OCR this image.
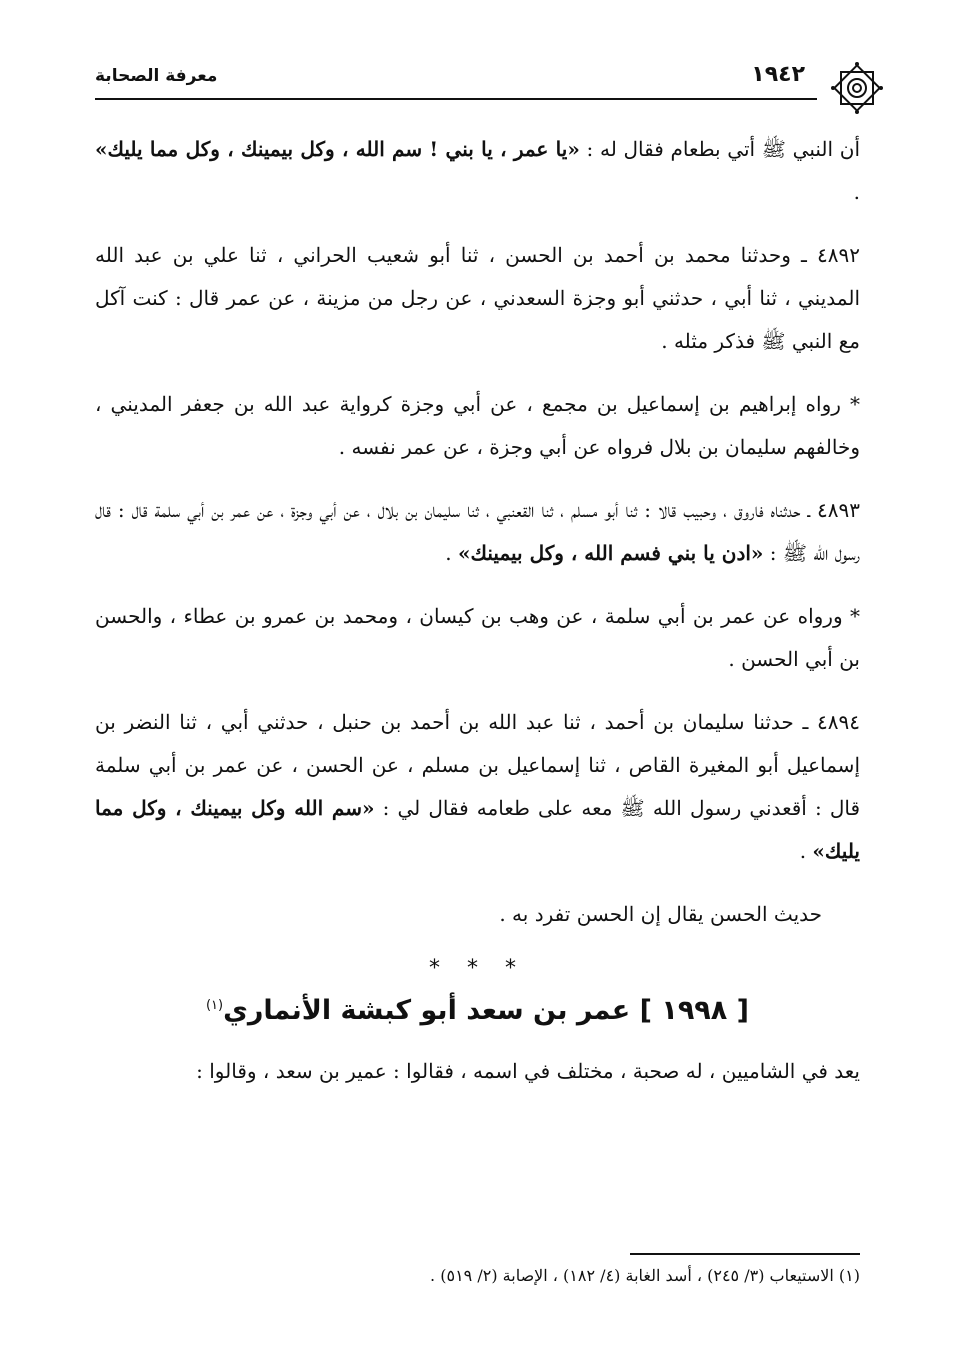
١٩٤٢
معرفة الصحابة

أن النبي ﷺ أتي بطعام فقال له : «يا عمر ، يا بني ! سم الله ، وكل بيمينك ، وكل مما يليك» .

٤٨٩٢ ـ وحدثنا محمد بن أحمد بن الحسن ، ثنا أبو شعيب الحراني ، ثنا علي بن عبد الله المديني ، ثنا أبي ، حدثني أبو وجزة السعدني ، عن رجل من مزينة ، عن عمر قال : كنت آكل مع النبي ﷺ فذكر مثله .

* رواه إبراهيم بن إسماعيل بن مجمع ، عن أبي وجزة كرواية عبد الله بن جعفر المديني ، وخالفهم سليمان بن بلال فرواه عن أبي وجزة ، عن عمر نفسه .

٤٨٩٣ ـ حدثناه فاروق ، وحبيب قالا : ثنا أبو مسلم ، ثنا القعنبي ، ثنا سليمان بن بلال ، عن أبي وجزة ، عن عمر بن أبي سلمة قال : قال رسول الله ﷺ : «ادن يا بني فسم الله ، وكل بيمينك» .

* ورواه عن عمر بن أبي سلمة ، عن وهب بن كيسان ، ومحمد بن عمرو بن عطاء ، والحسن بن أبي الحسن .

٤٨٩٤ ـ حدثنا سليمان بن أحمد ، ثنا عبد الله بن أحمد بن حنبل ، حدثني أبي ، ثنا النضر بن إسماعيل أبو المغيرة القاص ، ثنا إسماعيل بن مسلم ، عن الحسن ، عن عمر بن أبي سلمة قال : أقعدني رسول الله ﷺ معه على طعامه فقال لي : «سم الله وكل بيمينك ، وكل مما يليك» .

حديث الحسن يقال إن الحسن تفرد به .

* * *
[ ١٩٩٨ ] عمر بن سعد أبو كبشة الأنماري$^{(١)}$

يعد في الشاميين ، له صحبة ، مختلف في اسمه ، فقالوا : عمير بن سعد ، وقالوا :

(١) الاستيعاب (٣/ ٢٤٥) ، أسد الغابة (٤/ ١٨٢) ، الإصابة (٢/ ٥١٩) .
